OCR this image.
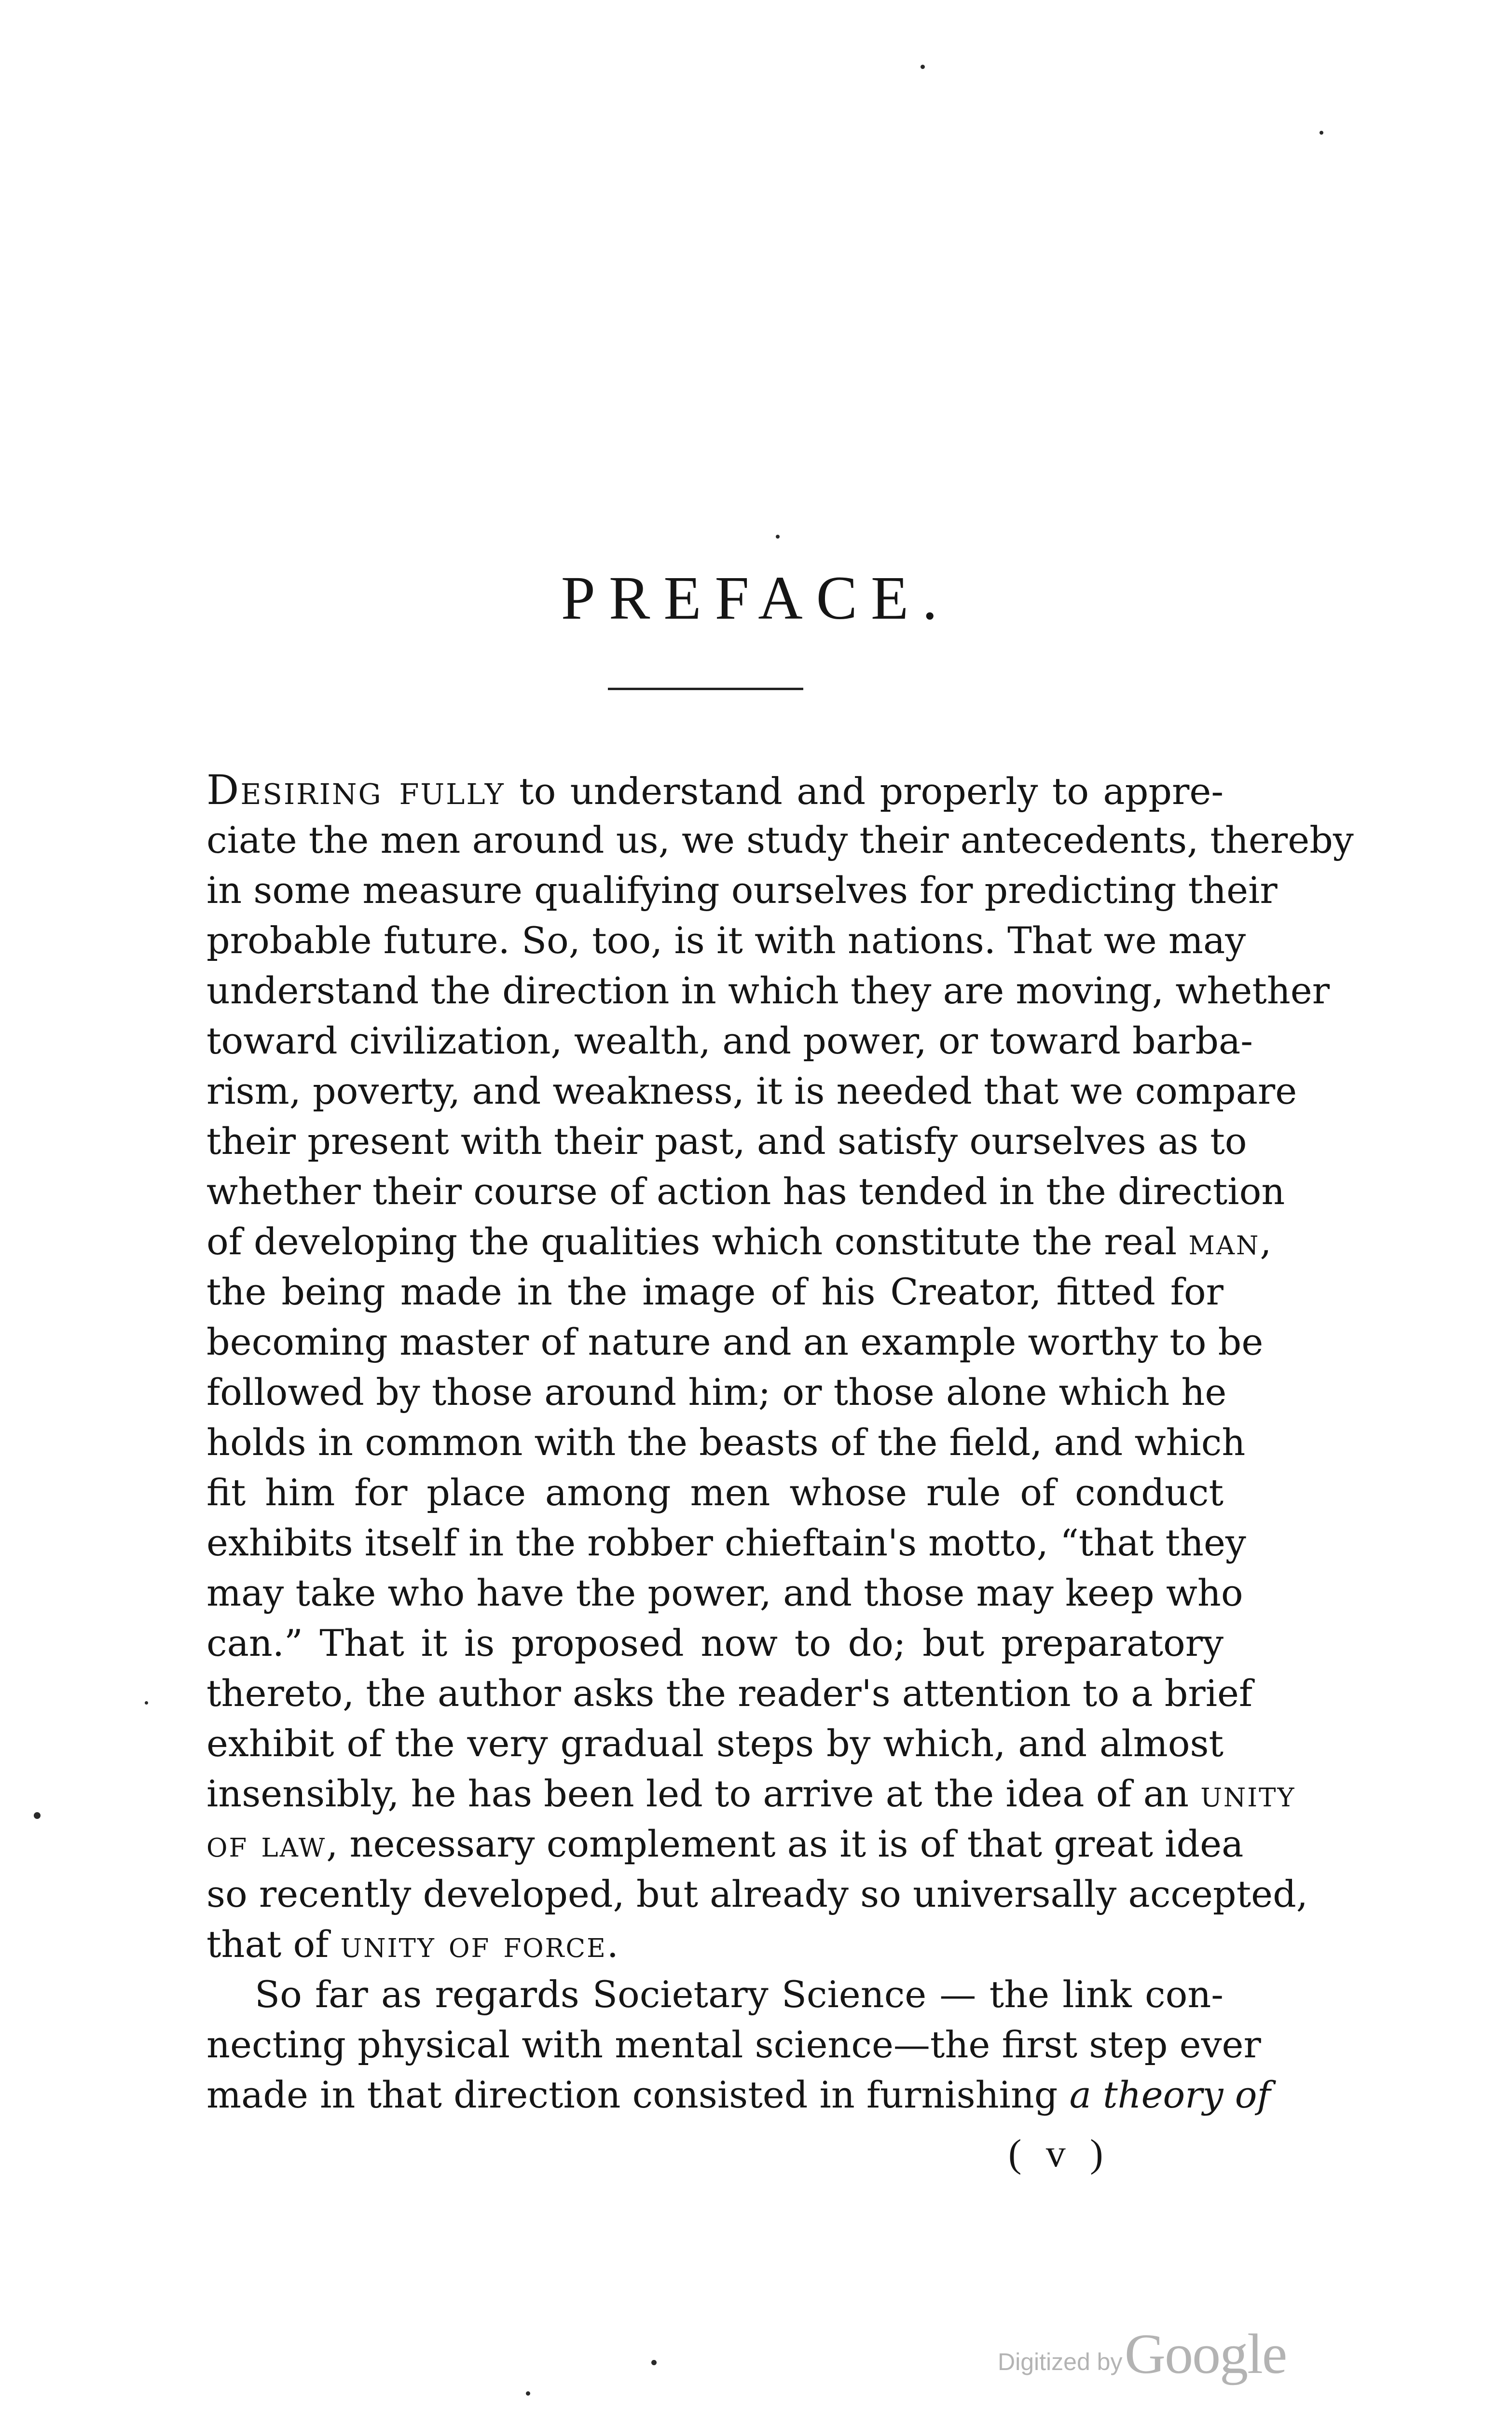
PREFACE.
Desiring fully to understand and properly to appre-
ciate the men around us, we study their antecedents, thereby
in some measure qualifying ourselves for predicting their
probable future. So, too, is it with nations. That we may
understand the direction in which they are moving, whether
toward civilization, wealth, and power, or toward barba-
rism, poverty, and weakness, it is needed that we compare
their present with their past, and satisfy ourselves as to
whether their course of action has tended in the direction
of developing the qualities which constitute the real man,
the being made in the image of his Creator, fitted for
becoming master of nature and an example worthy to be
followed by those around him; or those alone which he
holds in common with the beasts of the field, and which
fit him for place among men whose rule of conduct
exhibits itself in the robber chieftain's motto, “that they
may take who have the power, and those may keep who
can.” That it is proposed now to do; but preparatory
thereto, the author asks the reader's attention to a brief
exhibit of the very gradual steps by which, and almost
insensibly, he has been led to arrive at the idea of an unity
of law, necessary complement as it is of that great idea
so recently developed, but already so universally accepted,
that of unity of force.
So far as regards Societary Science — the link con-
necting physical with mental science—the first step ever
made in that direction consisted in furnishing a theory of
( v )
Digitized by Google
